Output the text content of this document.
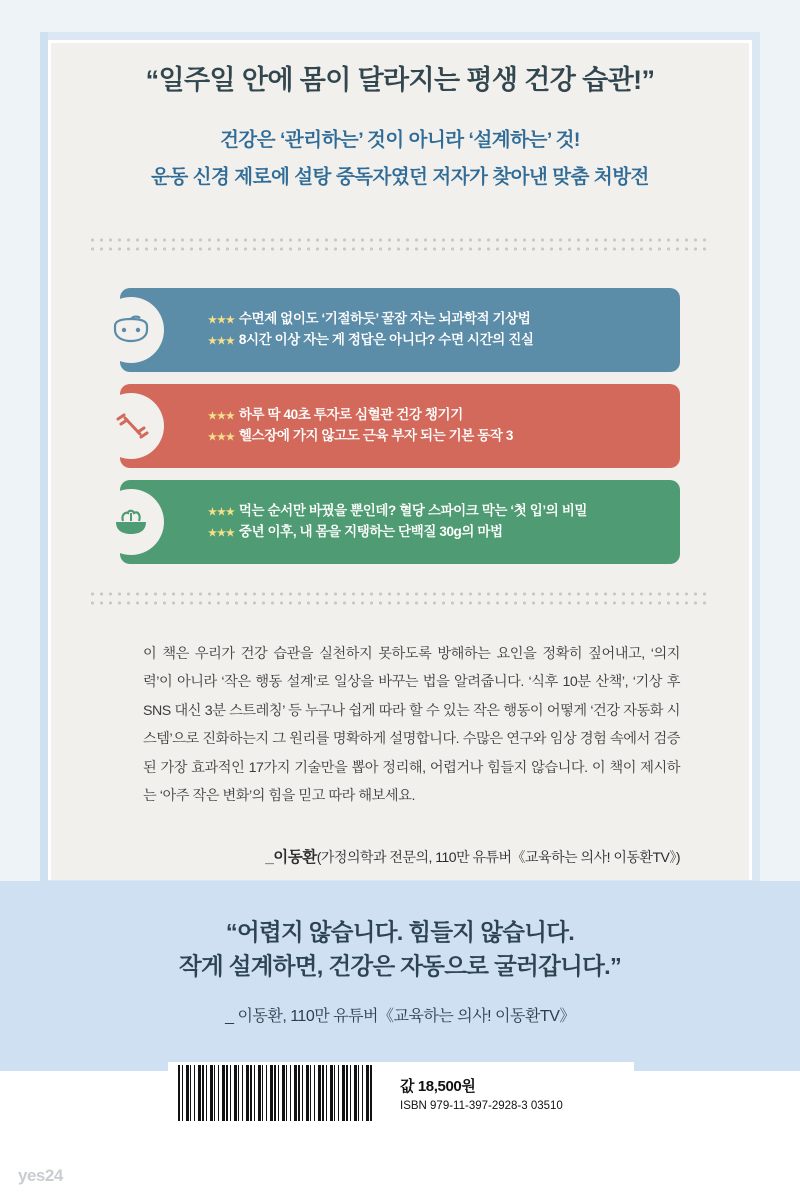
“일주일 안에 몸이 달라지는 평생 건강 습관!”
건강은 ‘관리하는’ 것이 아니라 ‘설계하는’ 것!
운동 신경 제로에 설탕 중독자였던 저자가 찾아낸 맞춤 처방전
★★★ 수면제 없이도 ‘기절하듯’ 꿀잠 자는 뇌과학적 기상법
★★★ 8시간 이상 자는 게 정답은 아니다? 수면 시간의 진실
★★★ 하루 딱 40초 투자로 심혈관 건강 챙기기
★★★ 헬스장에 가지 않고도 근육 부자 되는 기본 동작 3
★★★ 먹는 순서만 바꿨을 뿐인데? 혈당 스파이크 막는 ‘첫 입’의 비밀
★★★ 중년 이후, 내 몸을 지탱하는 단백질 30g의 마법
이 책은 우리가 건강 습관을 실천하지 못하도록 방해하는 요인을 정확히 짚어내고, ‘의지력’이 아니라 ‘작은 행동 설계’로 일상을 바꾸는 법을 알려줍니다. ‘식후 10분 산책’, ‘기상 후 SNS 대신 3분 스트레칭’ 등 누구나 쉽게 따라 할 수 있는 작은 행동이 어떻게 ‘건강 자동화 시스템’으로 진화하는지 그 원리를 명확하게 설명합니다. 수많은 연구와 임상 경험 속에서 검증된 가장 효과적인 17가지 기술만을 뽑아 정리해, 어렵거나 힘들지 않습니다. 이 책이 제시하는 ‘아주 작은 변화’의 힘을 믿고 따라 해보세요.
_이동환(가정의학과 전문의, 110만 유튜버《교육하는 의사! 이동환TV》)
“어렵지 않습니다. 힘들지 않습니다.
작게 설계하면, 건강은 자동으로 굴러갑니다.”
_ 이동환, 110만 유튜버《교육하는 의사! 이동환TV》
값 18,500원
ISBN 979-11-397-2928-3 03510
yes24
